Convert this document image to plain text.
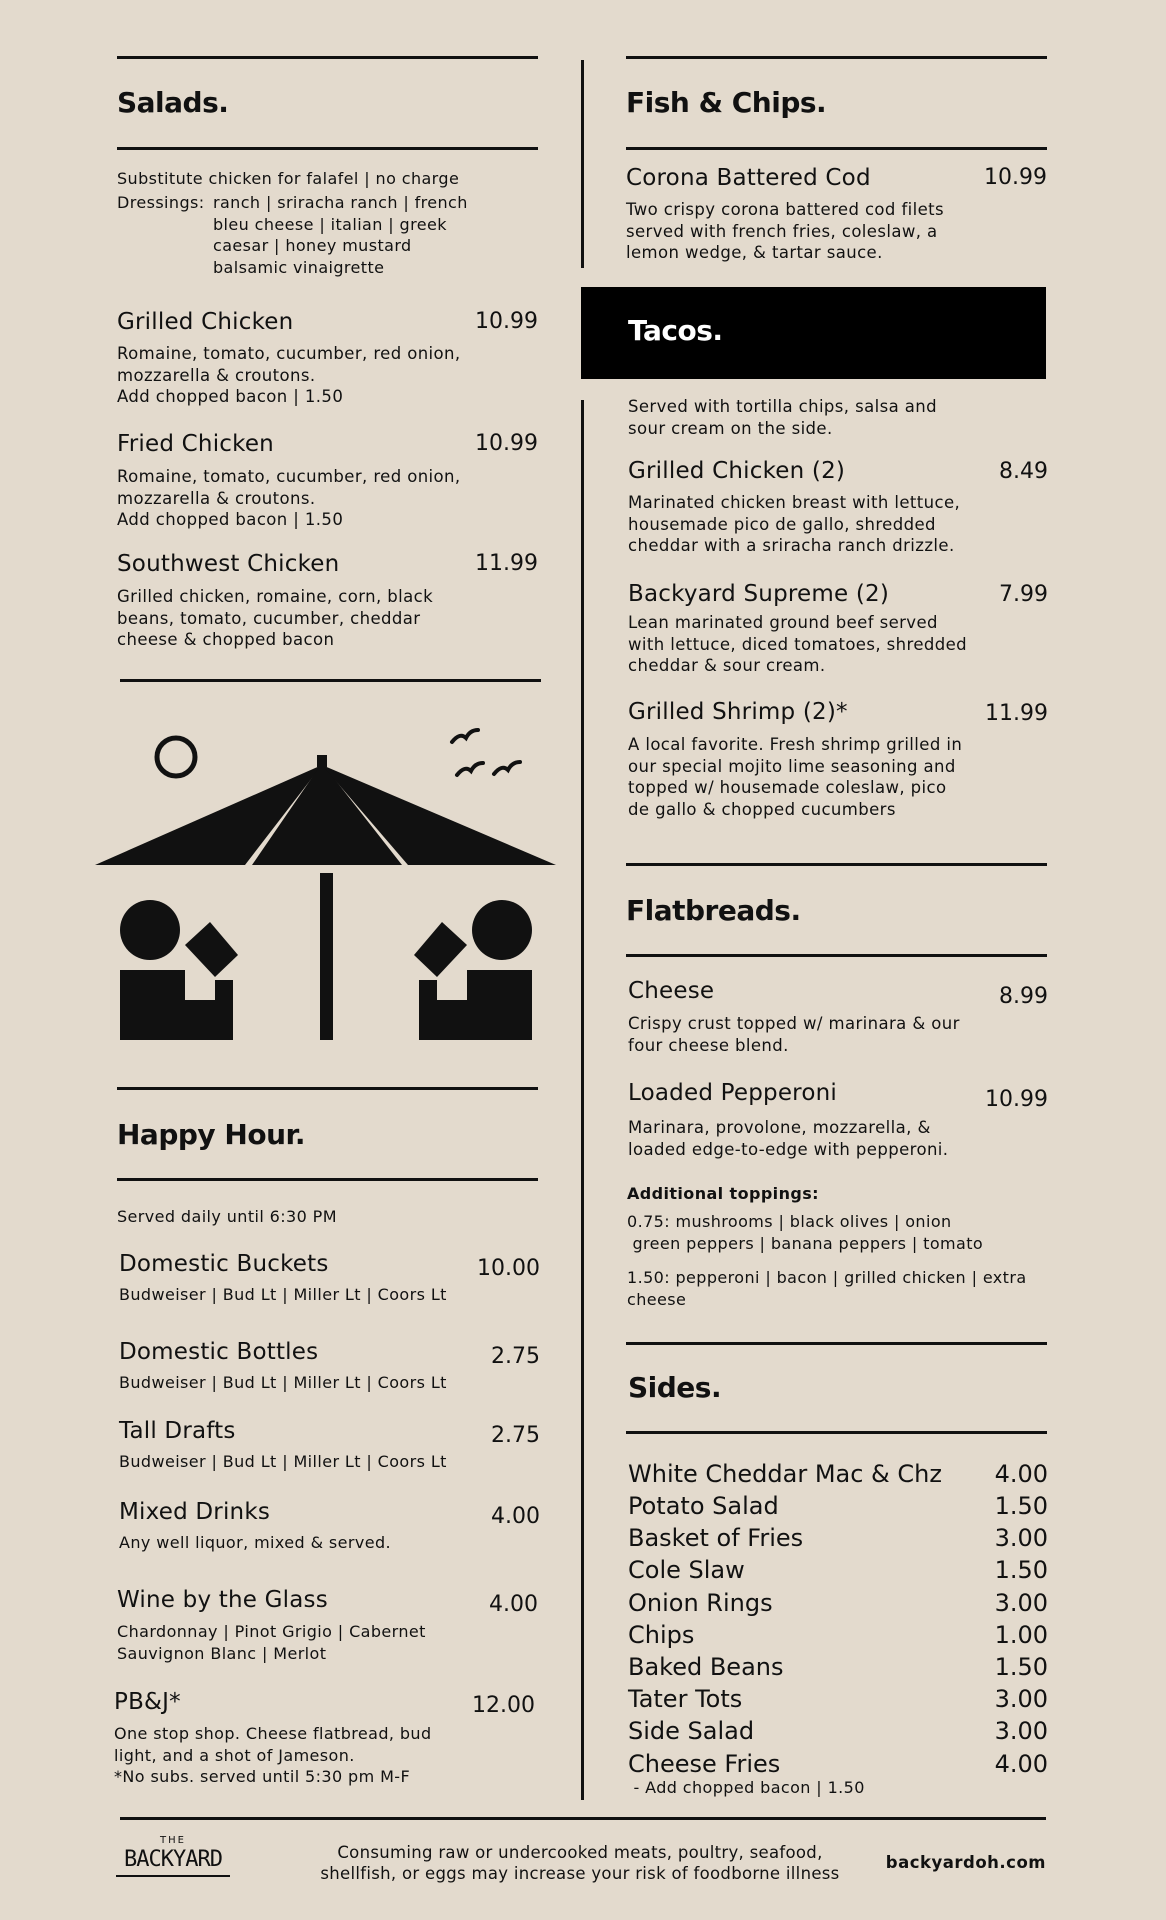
Salads.
Substitute chicken for falafel | no charge
Dressings: ranch | sriracha ranch | french
bleu cheese | italian | greek
caesar | honey mustard
balsamic vinaigrette
Grilled Chicken	10.99
Romaine, tomato, cucumber, red onion,
mozzarella & croutons.
Add chopped bacon | 1.50
Fried Chicken	10.99
Romaine, tomato, cucumber, red onion,
mozzarella & croutons.
Add chopped bacon | 1.50
Southwest Chicken	11.99
Grilled chicken, romaine, corn, black
beans, tomato, cucumber, cheddar
cheese & chopped bacon
Happy Hour.
Served daily until 6:30 PM
Domestic Buckets	10.00
Budweiser | Bud Lt | Miller Lt | Coors Lt
Domestic Bottles	2.75
Budweiser | Bud Lt | Miller Lt | Coors Lt
Tall Drafts	2.75
Budweiser | Bud Lt | Miller Lt | Coors Lt
Mixed Drinks	4.00
Any well liquor, mixed & served.
Wine by the Glass	4.00
Chardonnay | Pinot Grigio | Cabernet
Sauvignon Blanc | Merlot
PB&J*	12.00
One stop shop. Cheese flatbread, bud
light, and a shot of Jameson.
*No subs. served until 5:30 pm M-F
Fish & Chips.
Corona Battered Cod	10.99
Two crispy corona battered cod filets
served with french fries, coleslaw, a
lemon wedge, & tartar sauce.
Tacos.
Served with tortilla chips, salsa and
sour cream on the side.
Grilled Chicken (2)	8.49
Marinated chicken breast with lettuce,
housemade pico de gallo, shredded
cheddar with a sriracha ranch drizzle.
Backyard Supreme (2)	7.99
Lean marinated ground beef served
with lettuce, diced tomatoes, shredded
cheddar & sour cream.
Grilled Shrimp (2)*	11.99
A local favorite. Fresh shrimp grilled in
our special mojito lime seasoning and
topped w/ housemade coleslaw, pico
de gallo & chopped cucumbers
Flatbreads.
Cheese	8.99
Crispy crust topped w/ marinara & our
four cheese blend.
Loaded Pepperoni	10.99
Marinara, provolone, mozzarella, &
loaded edge-to-edge with pepperoni.
Additional toppings:
0.75: mushrooms | black olives | onion
green peppers | banana peppers | tomato
1.50: pepperoni | bacon | grilled chicken | extra
cheese
Sides.
White Cheddar Mac & Chz 4.00
Potato Salad	1.50
Basket of Fries	3.00
Cole Slaw	1.50
Onion Rings	3.00
Chips	1.00
Baked Beans	1.50
Tater Tots	3.00
Side Salad	3.00
Cheese Fries	4.00
- Add chopped bacon | 1.50
THE
BACKYARD	Consuming raw or undercooked meats, poultry, seafood,
shellfish, or eggs may increase your risk of foodborne illness
backyardoh.com
